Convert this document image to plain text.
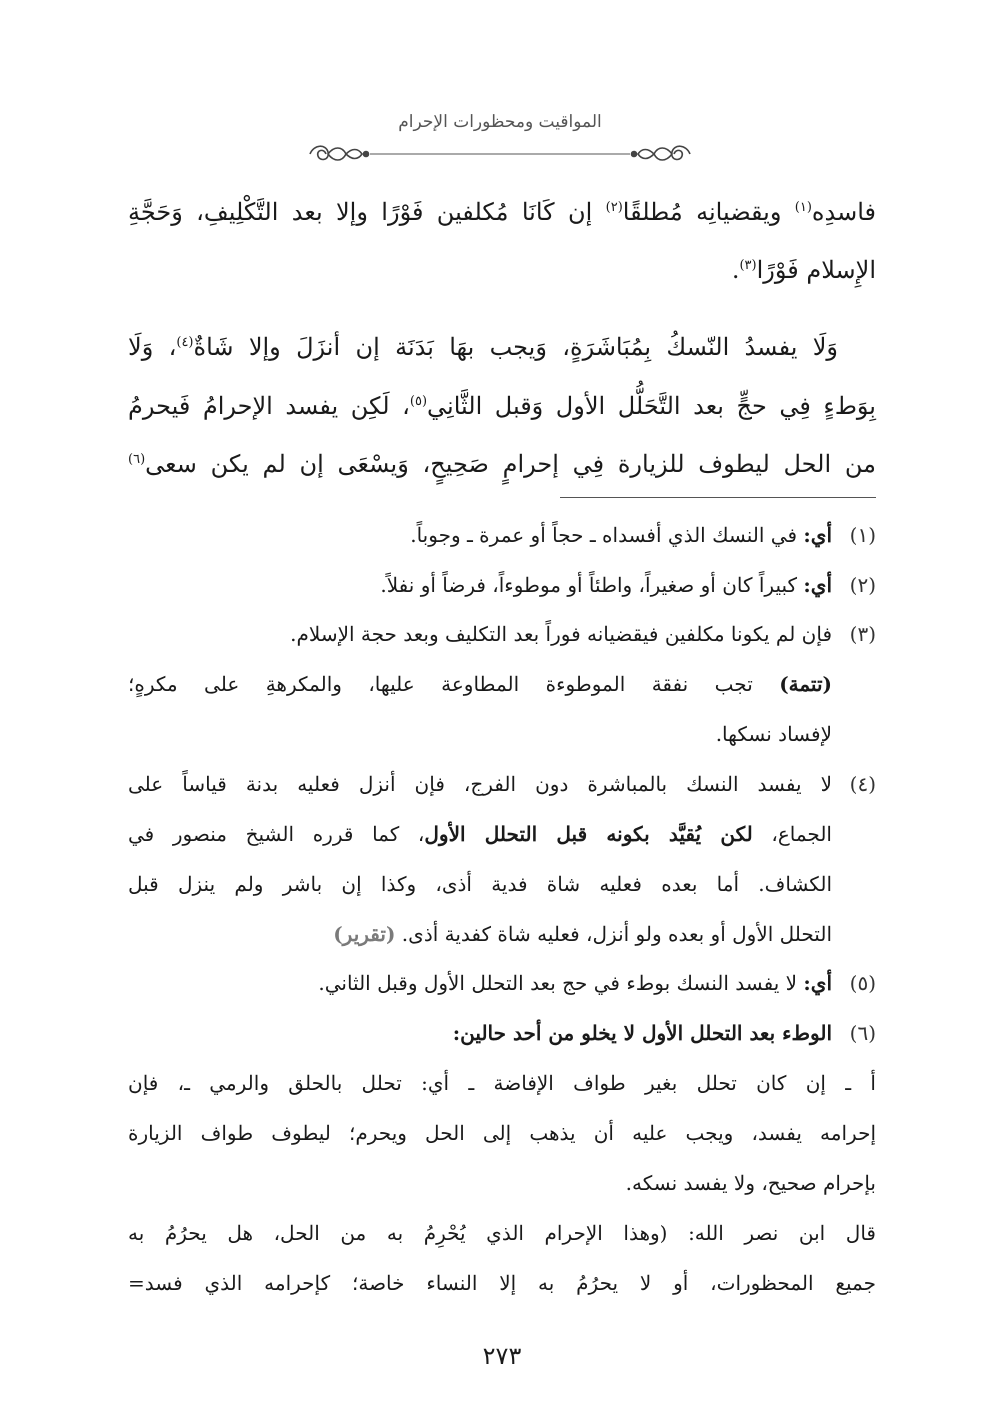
المواقيت ومحظورات الإحرام
فاسدِه$^{(١)}$ ويقضيانِه مُطلقًا$^{(٢)}$ إن كَانَا مُكلفين فَوْرًا وإلا بعد التَّكْلِيفِ، وَحَجَّةِ
الإِسلام فَوْرًا$^{(٣)}$.
وَلَا يفسدُ النّسكُ بِمُبَاشَرَةٍ، وَيجب بهَا بَدَنَة إن أنزَلَ وإلا شَاةٌ$^{(٤)}$، وَلَا
بِوَطءٍ فِي حجٍّ بعد التَّحَلُّل الأول وَقبل الثَّانِي$^{(٥)}$، لَكِن يفسد الإحرامُ فَيحرمُ
من الحل ليطوف للزيارة فِي إحرامٍ صَحِيحٍ، وَيسْعَى إن لم يكن سعى$^{(٦)}$
(١)أي: في النسك الذي أفسداه ـ حجاً أو عمرة ـ وجوباً.
(٢)أي: كبيراً كان أو صغيراً، واطئاً أو موطوءاً، فرضاً أو نفلاً.
(٣)فإن لم يكونا مكلفين فيقضيانه فوراً بعد التكليف وبعد حجة الإسلام.
(تتمة) تجب نفقة الموطوءة المطاوعة عليها، والمكرهةِ على مكرهٍ؛
لإفساد نسكها.
(٤)لا يفسد النسك بالمباشرة دون الفرج، فإن أنزل فعليه بدنة قياساً على
الجماع، لكن يُقيَّد بكونه قبل التحلل الأول، كما قرره الشيخ منصور في
الكشاف. أما بعده فعليه شاة فدية أذى، وكذا إن باشر ولم ينزل قبل
التحلل الأول أو بعده ولو أنزل، فعليه شاة كفدية أذى. (تقرير)
(٥)أي: لا يفسد النسك بوطء في حج بعد التحلل الأول وقبل الثاني.
(٦)الوطء بعد التحلل الأول لا يخلو من أحد حالين:
أ ـ إن كان تحلل بغير طواف الإفاضة ـ أي: تحلل بالحلق والرمي ـ، فإن
إحرامه يفسد، ويجب عليه أن يذهب إلى الحل ويحرم؛ ليطوف طواف الزيارة
بإحرام صحيح، ولا يفسد نسكه.
قال ابن نصر الله: (وهذا الإحرام الذي يُحْرِمُ به من الحل، هل يحرُمُ به
جميع المحظورات، أو لا يحرُمُ به إلا النساء خاصة؛ كإحرامه الذي فسد=
٢٧٣
